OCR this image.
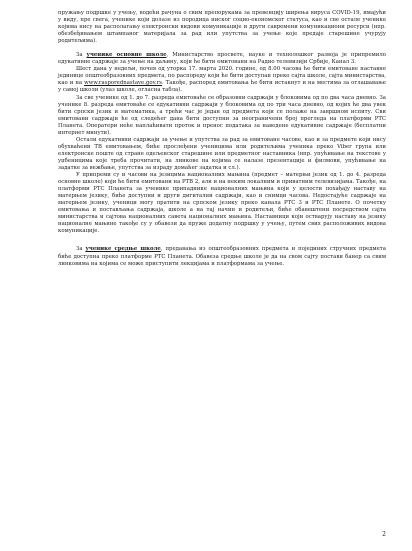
пружању подршке у учењу, водећи рачуна о свим препорукама за превенцију ширења вируса COVID-19, имајући у виду, пре свега, ученике који долазе из породица ниског социо-економског статуса, као и све остале ученике којима нису на располагању електронски видови комуникације и други савремени комуникациони ресурси (нпр. обезбеђивањем штампаног материјала за рад или упутства за учење које предаје старешине учурују родитељима).

За ученике основне школе, Министарство просвете, науке и технолошког развоја је припремило едукативне садржаје за учење на даљину, који ће бити емитовани на Радио телевизији Србије, Канал 3.

Шест дана у недељи, почев од уторка 17. марта 2020. године, од 8.00 часова ће бити емитоване наставне јединице општеобразовних предмета, по распореду који ће бити доступан преко сајта школе, сајта министарства, као и на www.rasporednastave.gov.rs. Такође, распоред емитовања ће бити истакнут и на местима за оглашавање у самој школи (улаз школе, огласна табла).

За све ученике од 1. до 7. разреда емитоваће се образовни садржаји у блоковима од по два часа дневно. За ученике 8. разреда емитоваће се едукативни садржаји у блоковима од по три часа дневно, од којих ће два увек бити српски језик и математика, а трећи час је један од предмета који се полаже на завршном испиту. Сви емитовани садржаји ће од следећег дана бити доступни за неограничени број прегледа на платформи РТС Планета. Оператери неће наплаћивати проток и пренос података за наведене едукативне садржаје (бесплатни интернет минути).

Остали едукативни садржаји за учење и упутства за рад за емитоване часове, као и за предмете који нису обухваћени ТВ емитовањем, биће прослеђени ученицима или родитељима ученика преко Viber група или електронске поште од стране одељенског старешине или предметног наставника (нпр. упућивање на текстове у уџбеницима које треба прочитати, на линкове на којима се налазе презентације и филмови, упућивање на задатке за вежбање, упутства за израду домаћег задатка и сл.).

У припреми су и часови на језицима националних мањина (предмет – матерњи језик од 1. до 4. разреда основне школе) који ће бити емитовани на РТВ 2, али и на неким локалним и приватним телевизијама. Такође, на платформи РТС Планета за ученике припаднике националних мањина који у целости похађају наставу на матерњем језику, биће доступни и други дигитални садржаји, као и снимци часова. Недостајуће садржаје на матерњем језику, ученици могу пратити на српском језику преко канала РТС 3 и РТС Планете. О почетку емитовања и постављања садржаја, школе а на тај начин и родитељи, биће обавештени посредством сајта министарства и сајтова националних савета националних мањина. Наставници који остварују наставу на језику националне мањине такође су у обавези да пруже додатну подршку у учењу, путем свих расположивих видова комуникације.

За ученике средње школе, предавања из општеобразовних предмета и појединих стручних предмета биће доступна преко платформе РТС Планета. Обавеза средње школе је да на свом сајту постави банер са свим линковима на којима се може приступити лекцијама и платформама за учење.

2
